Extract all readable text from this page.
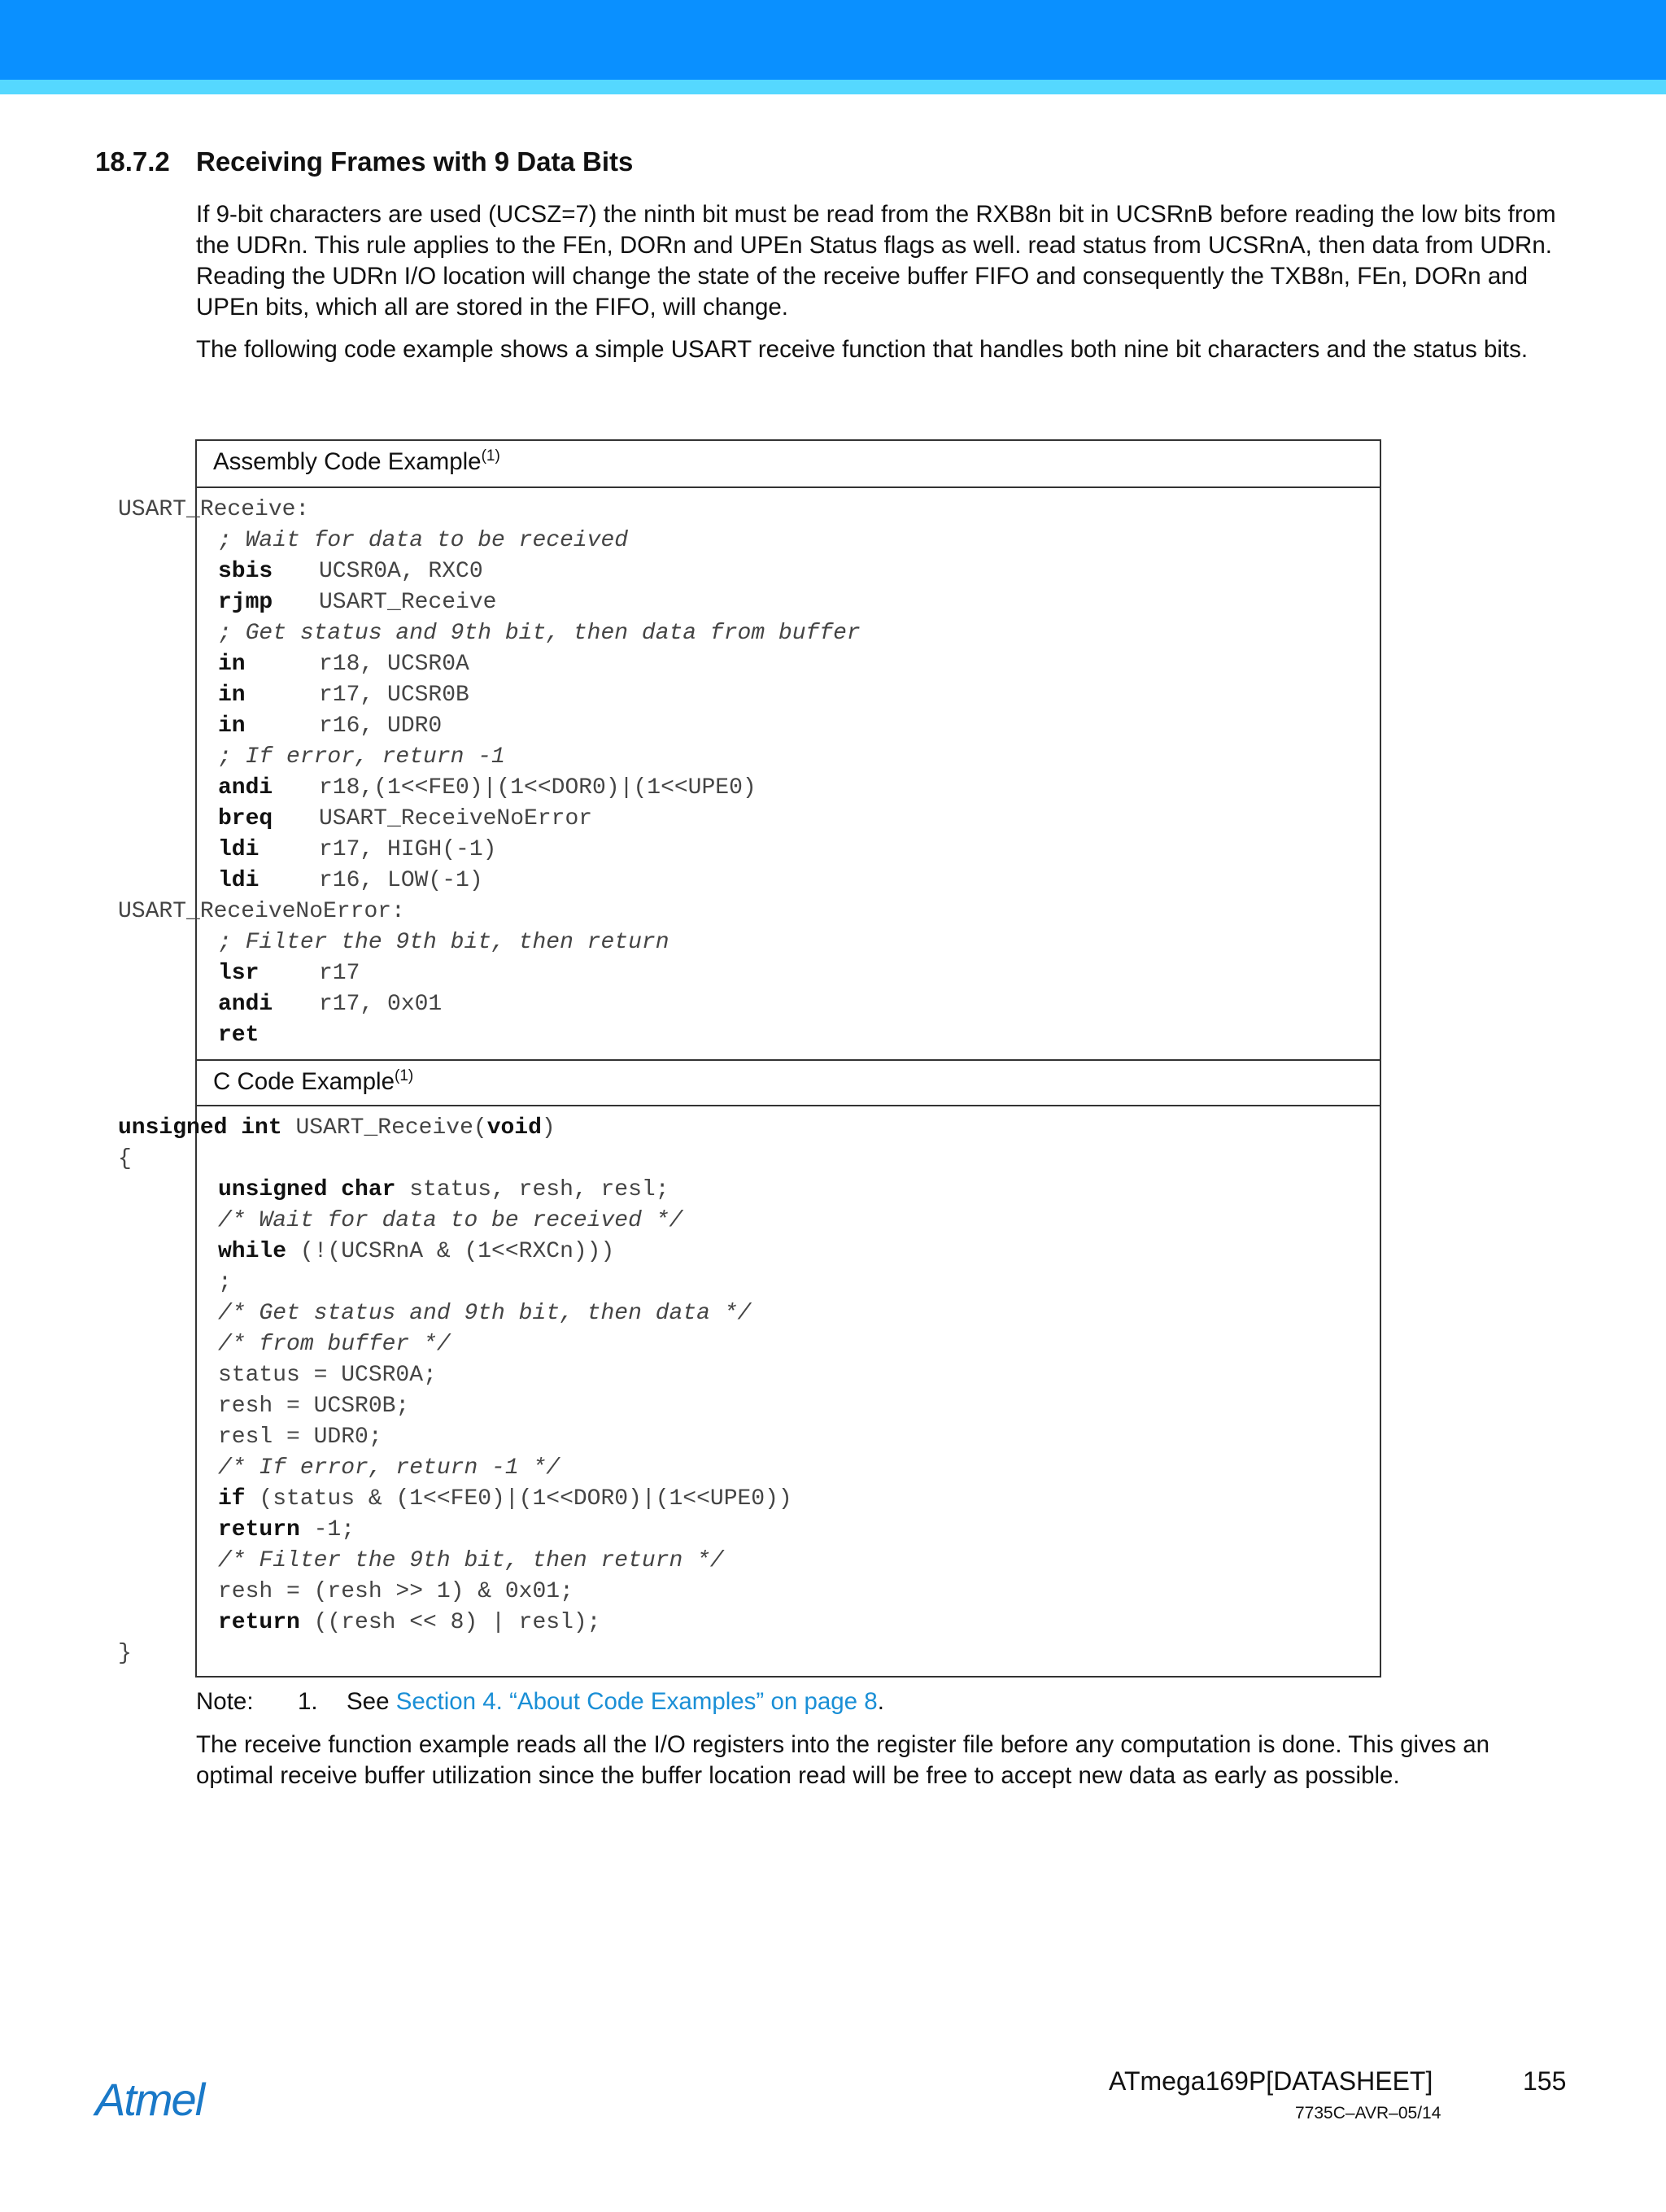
18.7.2 Receiving Frames with 9 Data Bits
If 9-bit characters are used (UCSZ=7) the ninth bit must be read from the RXB8n bit in UCSRnB before reading the low bits from the UDRn. This rule applies to the FEn, DORn and UPEn Status flags as well. read status from UCSRnA, then data from UDRn. Reading the UDRn I/O location will change the state of the receive buffer FIFO and consequently the TXB8n, FEn, DORn and UPEn bits, which all are stored in the FIFO, will change.
The following code example shows a simple USART receive function that handles both nine bit characters and the status bits.
Assembly Code Example$^{(1)}$
C Code Example$^{(1)}$
USART_Receive:
; Wait for data to be received
sbis UCSR0A, RXC0
rjmp USART_Receive
; Get status and 9th bit, then data from buffer
in	r18, UCSR0A
in	r17, UCSR0B
in	r16, UDR0
; If error, return -1
andi r18,(1<<FE0)|(1<<DOR0)|(1<<UPE0)
breq USART_ReceiveNoError
ldi	r17, HIGH(-1)
ldi	r16, LOW(-1)
USART_ReceiveNoError:
; Filter the 9th bit, then return
lsr	r17
andi r17, 0x01
ret
unsigned int USART_Receive(void)
{
unsigned char status, resh, resl;
/* Wait for data to be received */
while (!(UCSRnA & (1<<RXCn)))
;
/* Get status and 9th bit, then data */
/* from buffer */
status = UCSR0A;
resh = UCSR0B;
resl = UDR0;
/* If error, return -1 */
if (status & (1<<FE0)|(1<<DOR0)|(1<<UPE0))
return -1;
/* Filter the 9th bit, then return */
resh = (resh >> 1) & 0x01;
return ((resh << 8) | resl);
}
Note: 1. See Section 4. “About Code Examples” on page 8.
The receive function example reads all the I/O registers into the register file before any computation is done. This gives an optimal receive buffer utilization since the buffer location read will be free to accept new data as early as possible.
Atmel	ATmega169P[DATASHEET]	155
7735C–AVR–05/14
